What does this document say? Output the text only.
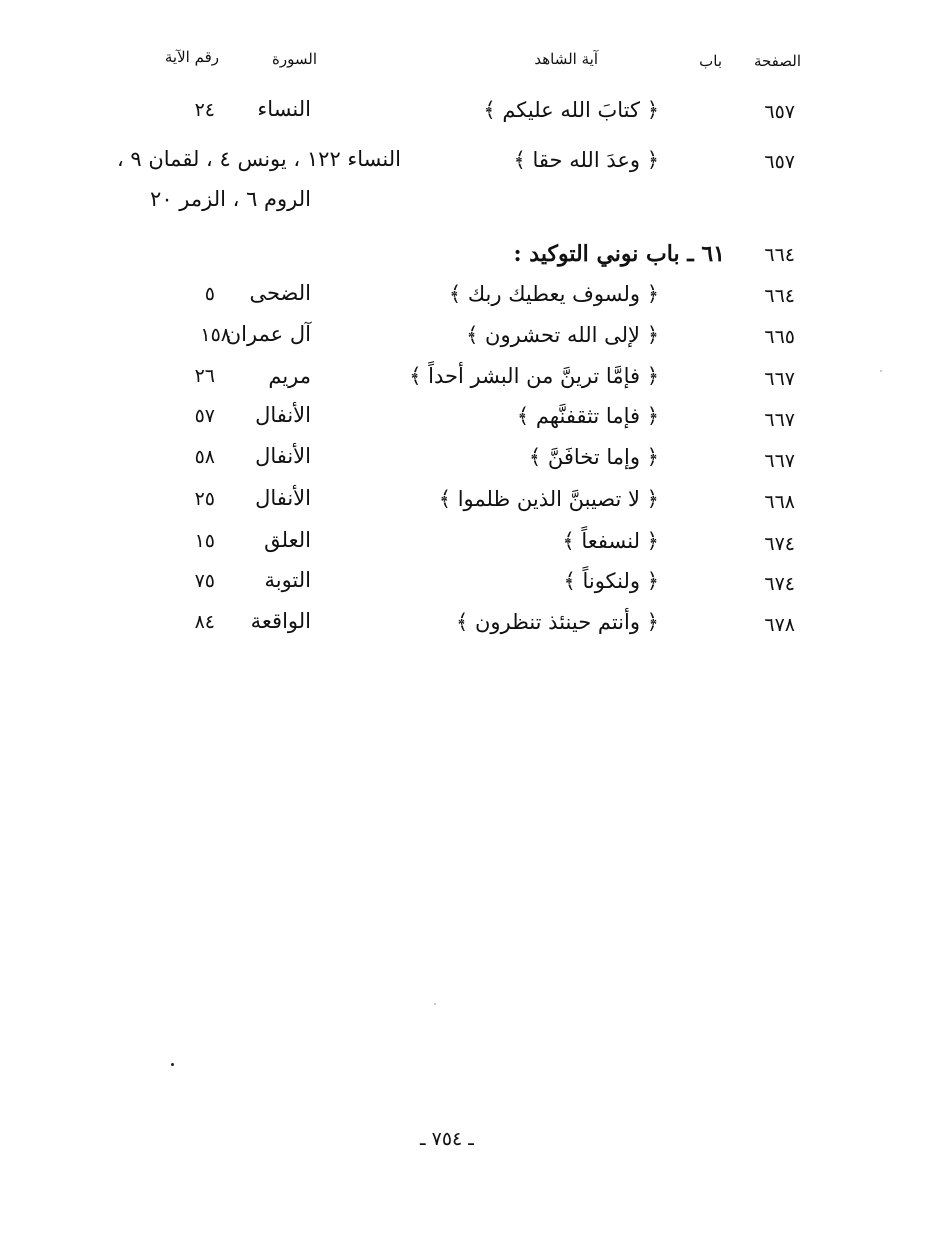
الصفحة
باب
آية الشاهد
السورة
رقم الآية
٦٥٧
﴿ كتابَ الله عليكم ﴾
النساء
٢٤
٦٥٧
﴿ وعدَ الله حقا ﴾
النساء ١٢٢ ، يونس ٤ ، لقمان ٩ ،
الروم ٦ ، الزمر ٢٠
٦٦٤
٦١ ـ باب نوني التوكيد :
٦٦٤
﴿ ولسوف يعطيك ربك ﴾
الضحى
٥
٦٦٥
﴿ لإلى الله تحشرون ﴾
آل عمران
١٥٨
٦٦٧
﴿ فإمَّا ترينَّ من البشر أحداً ﴾
مريم
٢٦
٦٦٧
﴿ فإما تثقفنَّهم ﴾
الأنفال
٥٧
٦٦٧
﴿ وإما تخافَنَّ ﴾
الأنفال
٥٨
٦٦٨
﴿ لا تصيبنَّ الذين ظلموا ﴾
الأنفال
٢٥
٦٧٤
﴿ لنسفعاً ﴾
العلق
١٥
٦٧٤
﴿ ولنكوناً ﴾
التوبة
٧٥
٦٧٨
﴿ وأنتم حينئذ تنظرون ﴾
الواقعة
٨٤
ـ ٧٥٤ ـ
